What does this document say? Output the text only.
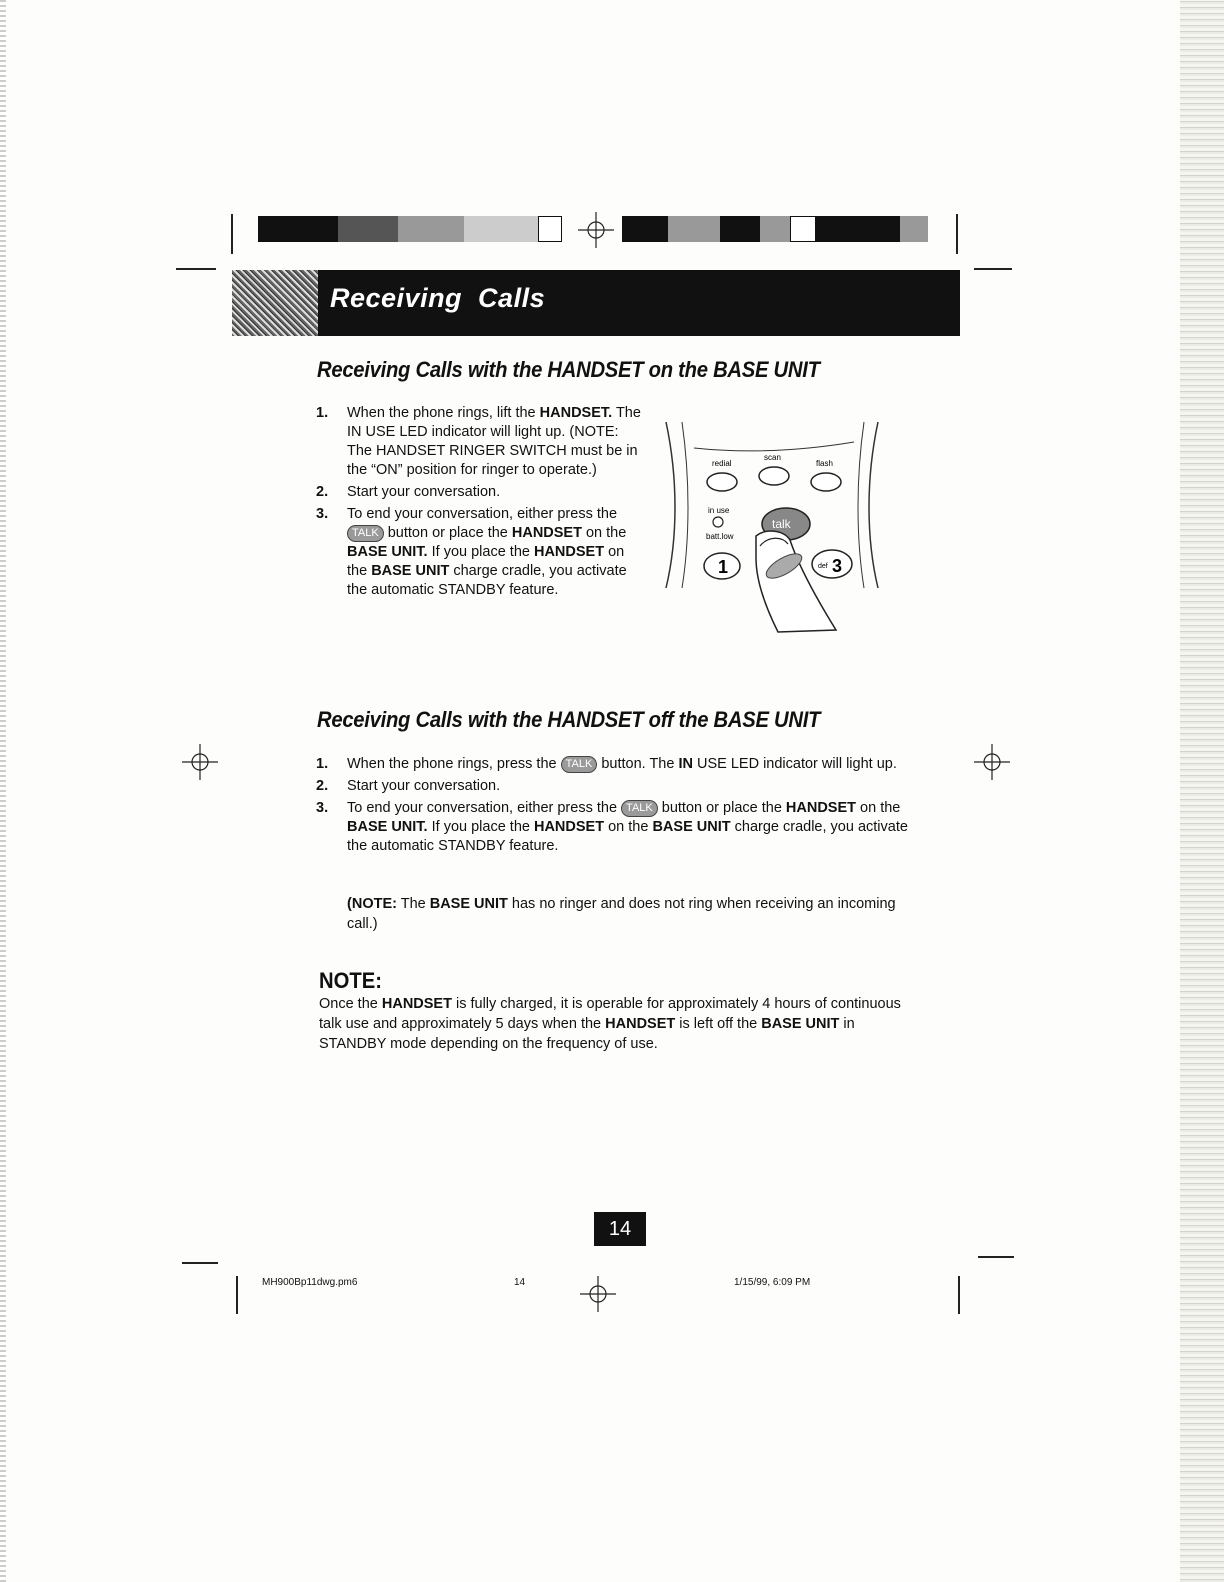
Receiving  Calls
Receiving Calls with the HANDSET on the BASE UNIT
1. When the phone rings, lift the HANDSET. The IN USE LED indicator will light up. (NOTE: The HANDSET RINGER SWITCH must be in the “ON” position for ringer to operate.)
2. Start your conversation.
3. To end your conversation, either press the TALK button or place the HANDSET on the BASE UNIT. If you place the HANDSET on the BASE UNIT charge cradle, you activate the automatic STANDBY feature.
redial
scan
flash
in use
batt.low
talk
1	def 3
Receiving Calls with the HANDSET off the BASE UNIT
1. When the phone rings, press the TALK button. The IN USE LED indicator will light up.
2. Start your conversation.
3. To end your conversation, either press the TALK button or place the HANDSET on the BASE UNIT. If you place the HANDSET on the BASE UNIT charge cradle, you activate the automatic STANDBY feature.

(NOTE: The BASE UNIT has no ringer and does not ring when receiving an incoming call.)

NOTE:

Once the HANDSET is fully charged, it is operable for approximately 4 hours of continuous talk use and approximately 5 days when the HANDSET is left off the BASE UNIT in STANDBY mode depending on the frequency of use.

14
MH900Bp11dwg.pm6	14	1/15/99, 6:09 PM
